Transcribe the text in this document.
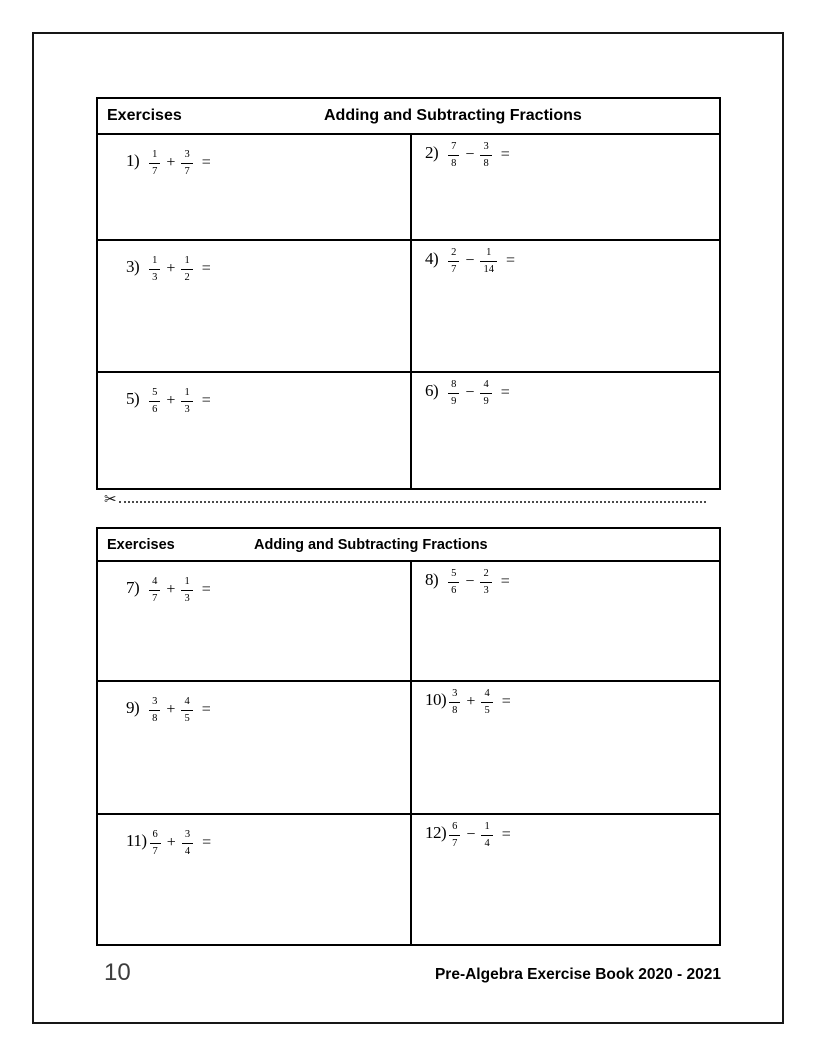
Exercises	Adding and Subtracting Fractions
$1) \frac{1}{7} + \frac{3}{7}$ =
$2) \frac{7}{8} - \frac{3}{8}$ =
$3) \frac{1}{3} + \frac{1}{2}$ =
$4) \frac{2}{7} - \frac{1}{14}$ =
$5) \frac{5}{6} + \frac{1}{3}$ =
$6) \frac{8}{9} - \frac{4}{9}$ =
✂
Exercises	Adding and Subtracting Fractions
$7) \frac{4}{7} + \frac{1}{3}$ =
$8) \frac{5}{6} - \frac{2}{3}$ =
$9) \frac{3}{8} + \frac{4}{5}$ =
$10) \frac{3}{8} + \frac{4}{5}$ =
$11) \frac{6}{7} + \frac{3}{4}$ =
$12) \frac{6}{7} - \frac{1}{4}$ =
10	Pre-Algebra Exercise Book 2020 - 2021
